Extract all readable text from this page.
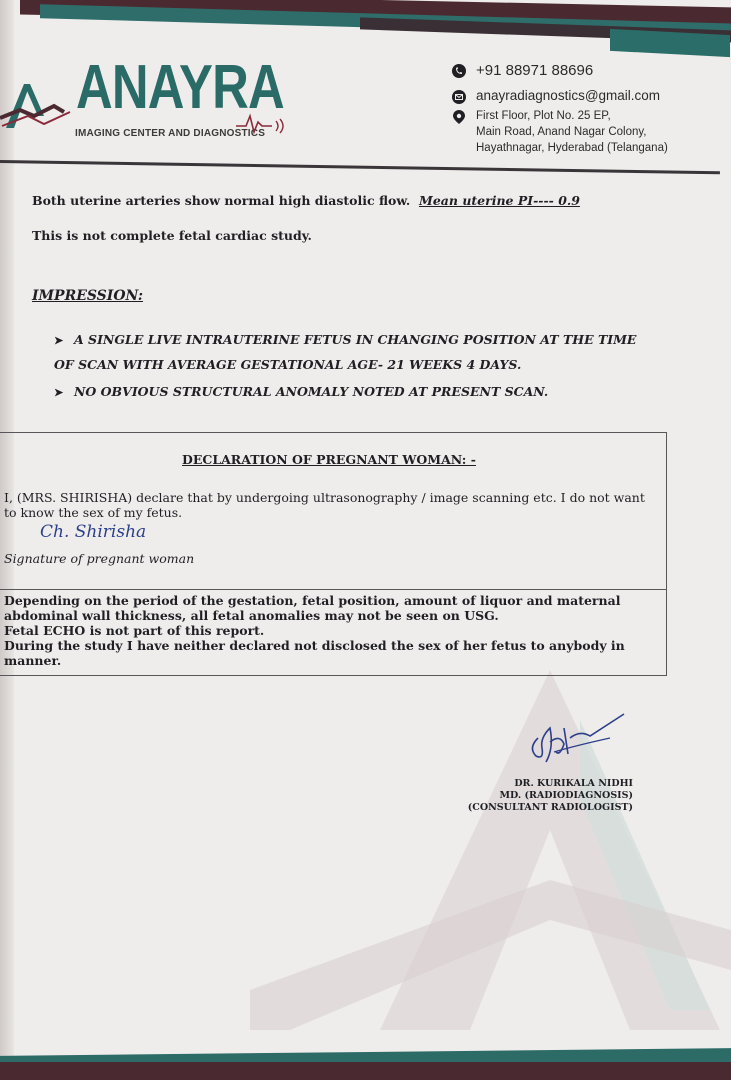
ANAYRA
IMAGING CENTER AND DIAGNOSTICS
+91 88971 88696
anayradiagnostics@gmail.com
First Floor, Plot No. 25 EP,
Main Road, Anand Nagar Colony,
Hayathnagar, Hyderabad (Telangana)
Both uterine arteries show normal high diastolic flow. Mean uterine PI---- 0.9
This is not complete fetal cardiac study.
IMPRESSION:
➤ A SINGLE LIVE INTRAUTERINE FETUS IN CHANGING POSITION AT THE TIME OF SCAN WITH AVERAGE GESTATIONAL AGE- 21 WEEKS 4 DAYS.
➤ NO OBVIOUS STRUCTURAL ANOMALY NOTED AT PRESENT SCAN.
DECLARATION OF PREGNANT WOMAN: -
I, (MRS. SHIRISHA) declare that by undergoing ultrasonography / image scanning etc. I do not want to know the sex of my fetus.
Ch. Shirisha
Signature of pregnant woman
Depending on the period of the gestation, fetal position, amount of liquor and maternal
abdominal wall thickness, all fetal anomalies may not be seen on USG.
Fetal ECHO is not part of this report.
During the study I have neither declared not disclosed the sex of her fetus to anybody in
manner.
DR. KURIKALA NIDHI
MD. (RADIODIAGNOSIS)
(CONSULTANT RADIOLOGIST)
